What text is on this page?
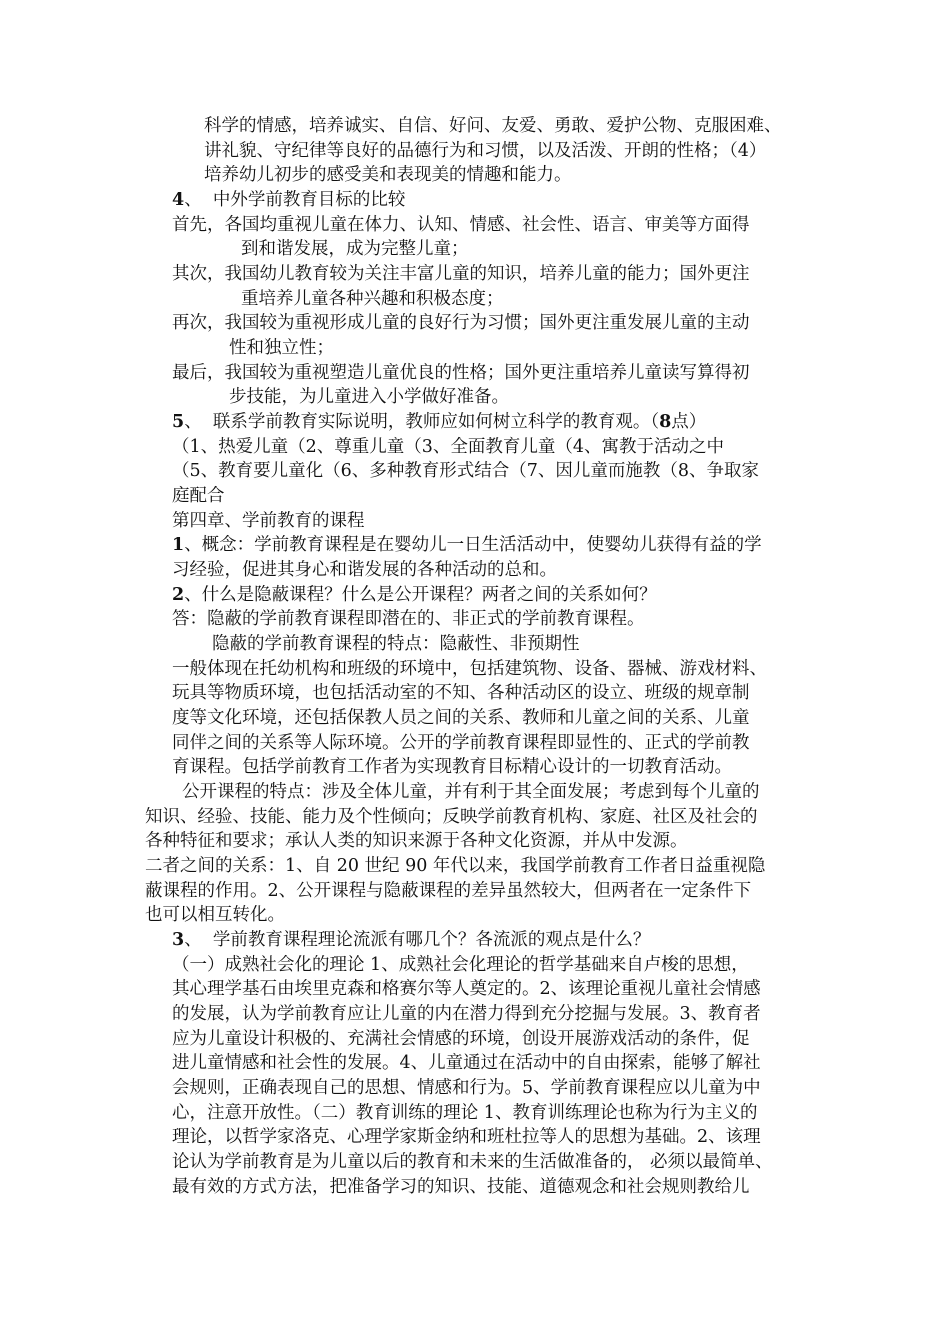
科学的情感，培养诚实、自信、好问、友爱、勇敢、爱护公物、克服困难、
讲礼貌、守纪律等良好的品德行为和习惯，以及活泼、开朗的性格；（4）
培养幼儿初步的感受美和表现美的情趣和能力。
4、 中外学前教育目标的比较
首先，各国均重视儿童在体力、认知、情感、社会性、语言、审美等方面得
到和谐发展，成为完整儿童；
其次，我国幼儿教育较为关注丰富儿童的知识，培养儿童的能力；国外更注
重培养儿童各种兴趣和积极态度；
再次，我国较为重视形成儿童的良好行为习惯；国外更注重发展儿童的主动
性和独立性；
最后，我国较为重视塑造儿童优良的性格；国外更注重培养儿童读写算得初
步技能，为儿童进入小学做好准备。
5、 联系学前教育实际说明，教师应如何树立科学的教育观。（8点）
（1、热爱儿童（2、尊重儿童（3、全面教育儿童（4、寓教于活动之中
（5、教育要儿童化（6、多种教育形式结合（7、因儿童而施教（8、争取家
庭配合
第四章、学前教育的课程
1、概念：学前教育课程是在婴幼儿一日生活活动中，使婴幼儿获得有益的学
习经验，促进其身心和谐发展的各种活动的总和。
2、什么是隐蔽课程？什么是公开课程？两者之间的关系如何？
答：隐蔽的学前教育课程即潜在的、非正式的学前教育课程。
隐蔽的学前教育课程的特点：隐蔽性、非预期性
一般体现在托幼机构和班级的环境中，包括建筑物、设备、器械、游戏材料、
玩具等物质环境，也包括活动室的不知、各种活动区的设立、班级的规章制
度等文化环境，还包括保教人员之间的关系、教师和儿童之间的关系、儿童
同伴之间的关系等人际环境。公开的学前教育课程即显性的、正式的学前教
育课程。包括学前教育工作者为实现教育目标精心设计的一切教育活动。
公开课程的特点：涉及全体儿童，并有利于其全面发展；考虑到每个儿童的
知识、经验、技能、能力及个性倾向；反映学前教育机构、家庭、社区及社会的
各种特征和要求；承认人类的知识来源于各种文化资源，并从中发源。
二者之间的关系：1、自 20 世纪 90 年代以来，我国学前教育工作者日益重视隐
蔽课程的作用。2、公开课程与隐蔽课程的差异虽然较大，但两者在一定条件下
也可以相互转化。
3、 学前教育课程理论流派有哪几个？各流派的观点是什么？
（一）成熟社会化的理论 1、成熟社会化理论的哲学基础来自卢梭的思想，
其心理学基石由埃里克森和格赛尔等人奠定的。2、该理论重视儿童社会情感
的发展，认为学前教育应让儿童的内在潜力得到充分挖掘与发展。3、教育者
应为儿童设计积极的、充满社会情感的环境，创设开展游戏活动的条件，促
进儿童情感和社会性的发展。4、儿童通过在活动中的自由探索，能够了解社
会规则，正确表现自己的思想、情感和行为。5、学前教育课程应以儿童为中
心，注意开放性。（二）教育训练的理论 1、教育训练理论也称为行为主义的
理论，以哲学家洛克、心理学家斯金纳和班杜拉等人的思想为基础。2、该理
论认为学前教育是为儿童以后的教育和未来的生活做准备的， 必须以最简单、
最有效的方式方法，把准备学习的知识、技能、道德观念和社会规则教给儿
